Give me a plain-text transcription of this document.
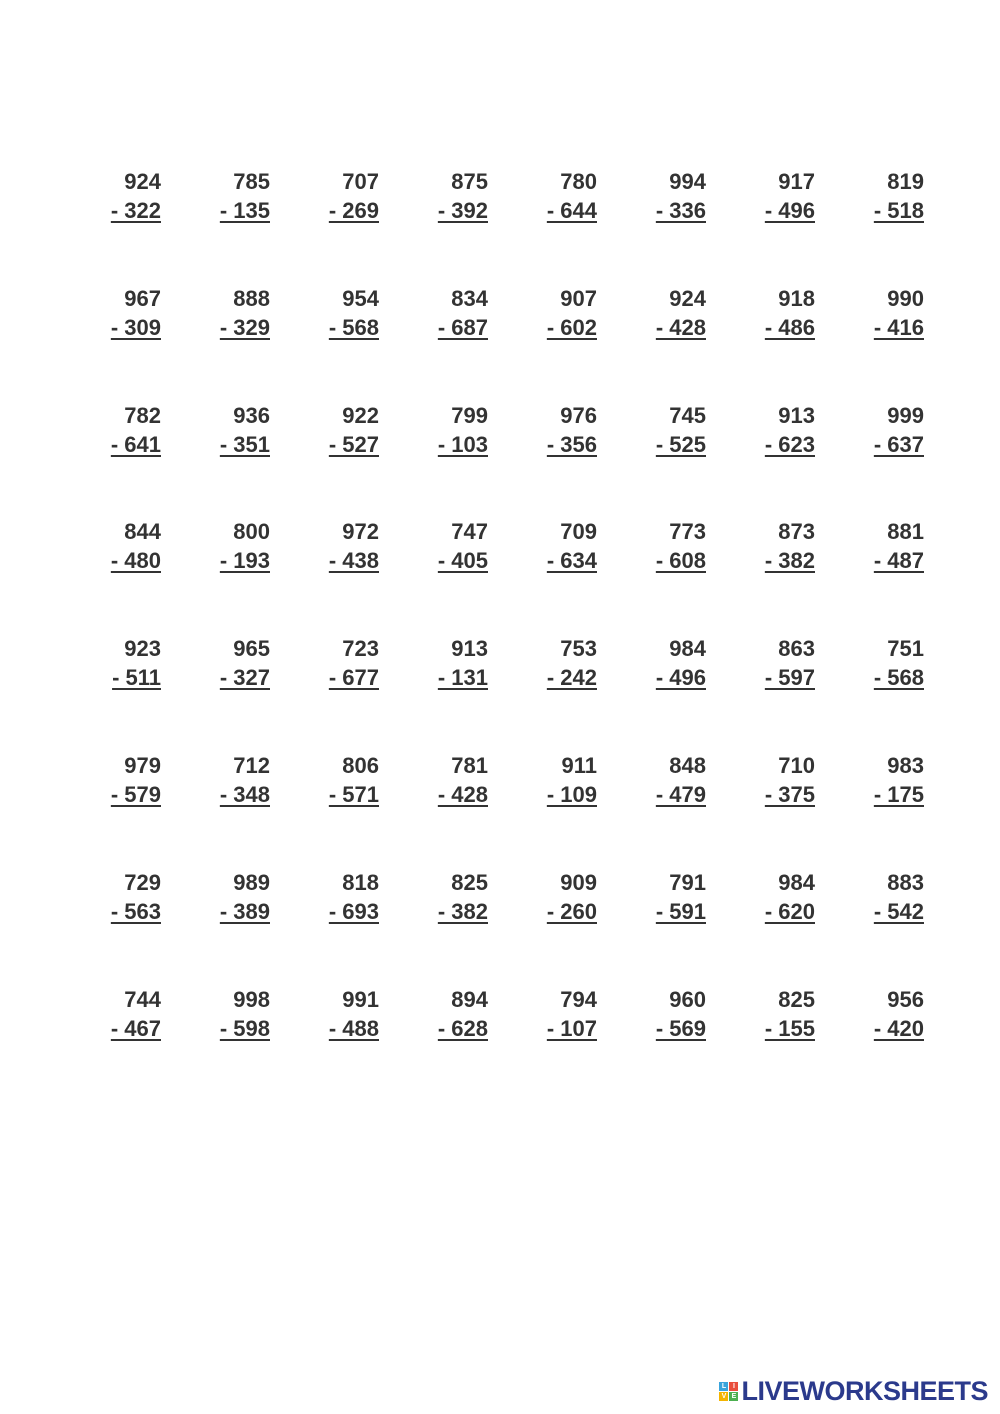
924
- 322
785
- 135
707
- 269
875
- 392
780
- 644
994
- 336
917
- 496
819
- 518
967
- 309
888
- 329
954
- 568
834
- 687
907
- 602
924
- 428
918
- 486
990
- 416
782
- 641
936
- 351
922
- 527
799
- 103
976
- 356
745
- 525
913
- 623
999
- 637
844
- 480
800
- 193
972
- 438
747
- 405
709
- 634
773
- 608
873
- 382
881
- 487
923
- 511
965
- 327
723
- 677
913
- 131
753
- 242
984
- 496
863
- 597
751
- 568
979
- 579
712
- 348
806
- 571
781
- 428
911
- 109
848
- 479
710
- 375
983
- 175
729
- 563
989
- 389
818
- 693
825
- 382
909
- 260
791
- 591
984
- 620
883
- 542
744
- 467
998
- 598
991
- 488
894
- 628
794
- 107
960
- 569
825
- 155
956
- 420
L I
V E LIVEWORKSHEETS
